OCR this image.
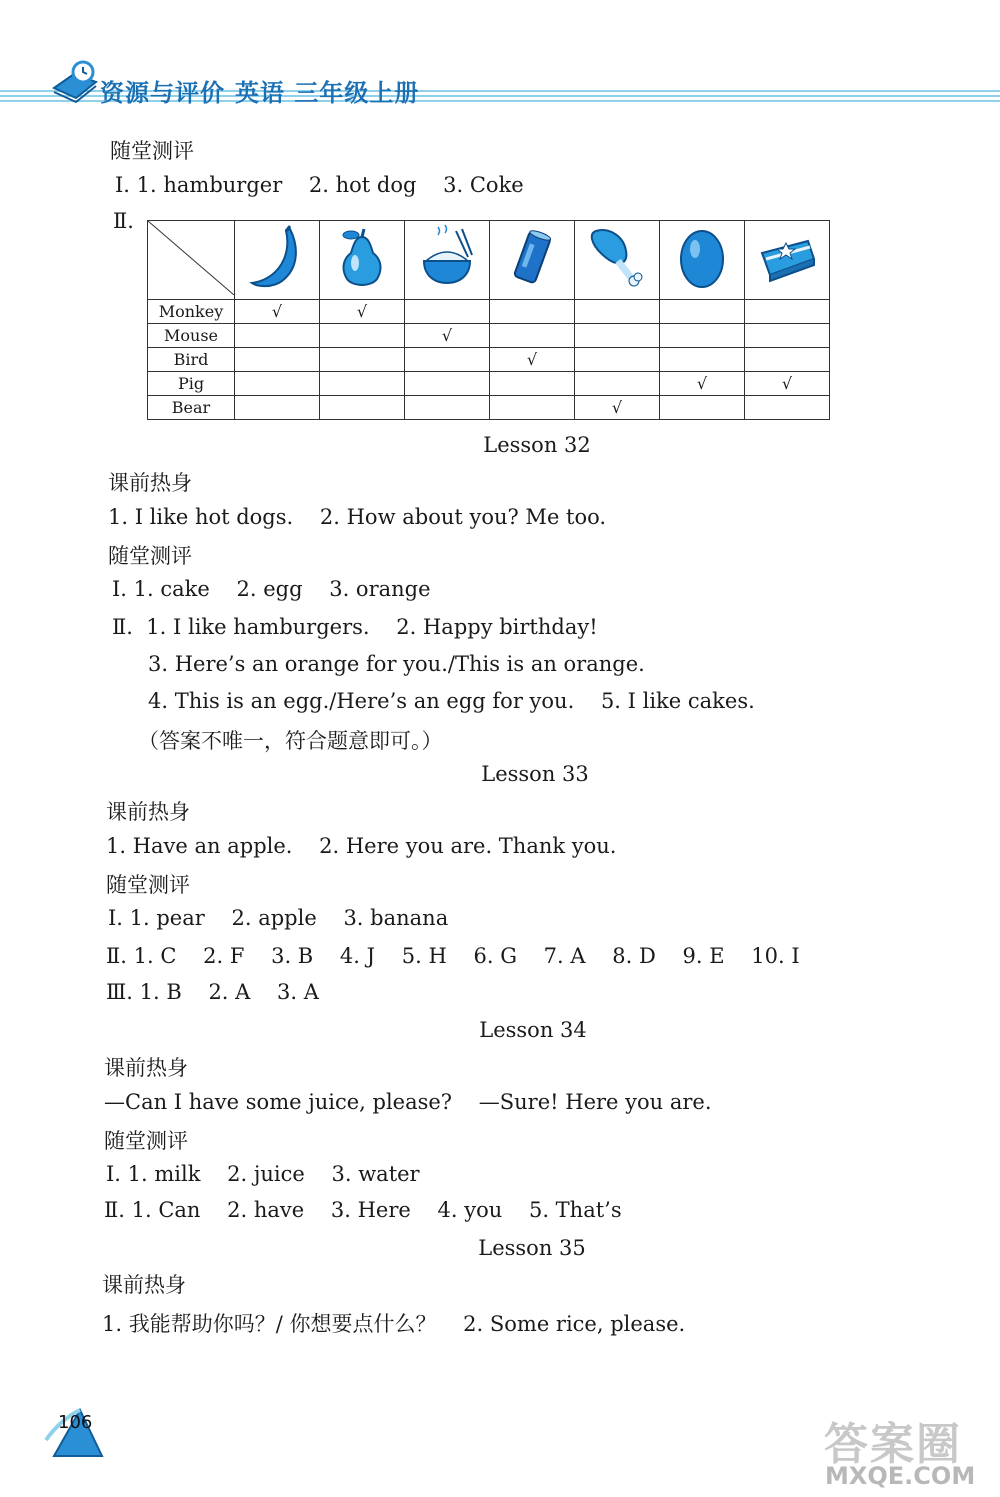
资源与评价 英语 三年级上册
随堂测评
Ⅰ. 1. hamburger    2. hot dog    3. Coke
Ⅱ.

Monkey	√	√					
Mouse			√				
Bird				√			
Pig						√	√
Bear					√		
Lesson 32
课前热身
1. I like hot dogs.    2. How about you? Me too.
随堂测评
Ⅰ. 1. cake    2. egg    3. orange
Ⅱ.  1. I like hamburgers.    2. Happy birthday!
3. Here’s an orange for you./This is an orange.
4. This is an egg./Here’s an egg for you.    5. I like cakes.
（答案不唯一，符合题意即可。）
Lesson 33
课前热身
1. Have an apple.    2. Here you are. Thank you.
随堂测评
Ⅰ. 1. pear    2. apple    3. banana
Ⅱ. 1. C    2. F    3. B    4. J    5. H    6. G    7. A    8. D    9. E    10. I
Ⅲ. 1. B    2. A    3. A
Lesson 34
课前热身
—Can I have some juice, please?    —Sure! Here you are.
随堂测评
Ⅰ. 1. milk    2. juice    3. water
Ⅱ. 1. Can    2. have    3. Here    4. you    5. That’s
Lesson 35
课前热身
1. 我能帮助你吗？/ 你想要点什么？    2. Some rice, please.
106	答案圈
MXQE.COM
